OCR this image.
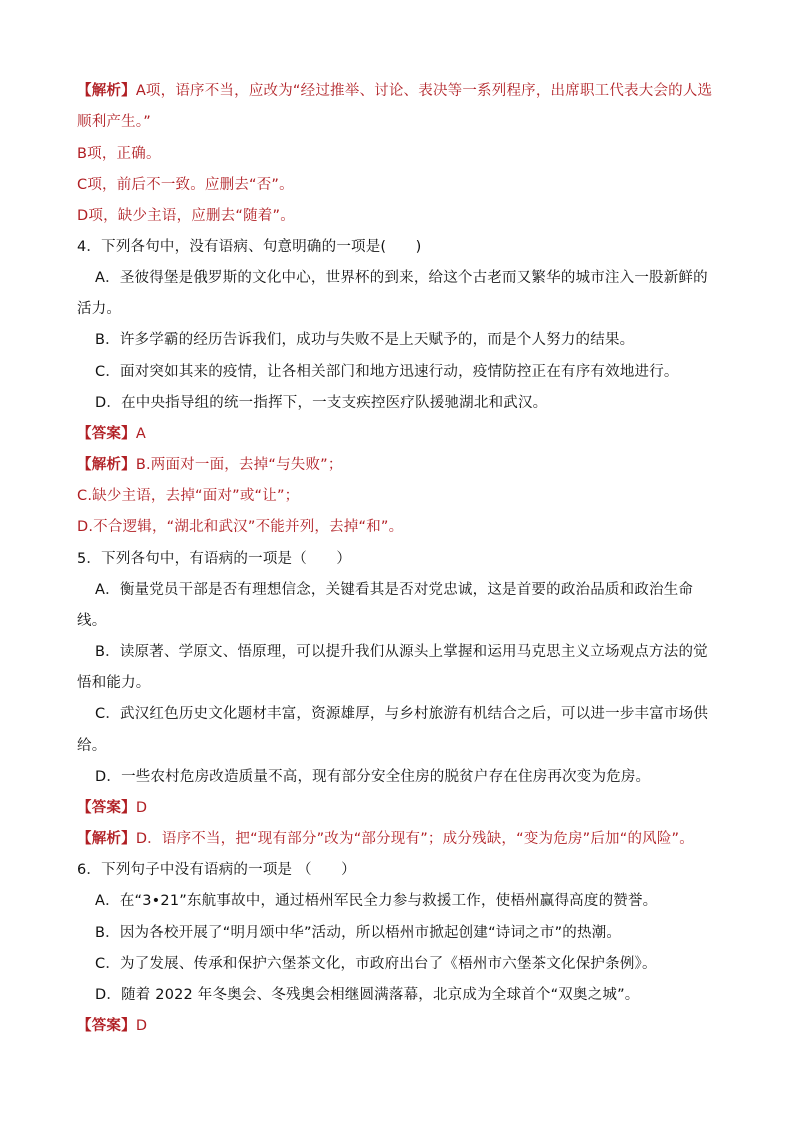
【解析】A项，语序不当，应改为“经过推举、讨论、表决等一系列程序，出席职工代表大会的人选
顺利产生。”
B项，正确。
C项，前后不一致。应删去“否”。
D项，缺少主语，应删去“随着”。
4．下列各句中，没有语病、句意明确的一项是(　　)
A．圣彼得堡是俄罗斯的文化中心，世界杯的到来，给这个古老而又繁华的城市注入一股新鲜的
活力。
B．许多学霸的经历告诉我们，成功与失败不是上天赋予的，而是个人努力的结果。
C．面对突如其来的疫情，让各相关部门和地方迅速行动，疫情防控正在有序有效地进行。
D．在中央指导组的统一指挥下，一支支疾控医疗队援驰湖北和武汉。
【答案】A
【解析】B.两面对一面，去掉“与失败”；
C.缺少主语，去掉“面对”或“让”；
D.不合逻辑，“湖北和武汉”不能并列，去掉“和”。
5．下列各句中，有语病的一项是（　　）
A．衡量党员干部是否有理想信念，关键看其是否对党忠诚，这是首要的政治品质和政治生命
线。
B．读原著、学原文、悟原理，可以提升我们从源头上掌握和运用马克思主义立场观点方法的觉
悟和能力。
C．武汉红色历史文化题材丰富，资源雄厚，与乡村旅游有机结合之后，可以进一步丰富市场供
给。
D．一些农村危房改造质量不高，现有部分安全住房的脱贫户存在住房再次变为危房。
【答案】D
【解析】D．语序不当，把“现有部分”改为“部分现有”；成分残缺，“变为危房”后加“的风险”。
6．下列句子中没有语病的一项是 （　　）
A．在“3•21”东航事故中，通过梧州军民全力参与救援工作，使梧州赢得高度的赞誉。
B．因为各校开展了“明月颂中华”活动，所以梧州市掀起创建“诗词之市”的热潮。
C．为了发展、传承和保护六堡茶文化，市政府出台了《梧州市六堡茶文化保护条例》。
D．随着 2022 年冬奥会、冬残奥会相继圆满落幕，北京成为全球首个“双奥之城”。
【答案】D
